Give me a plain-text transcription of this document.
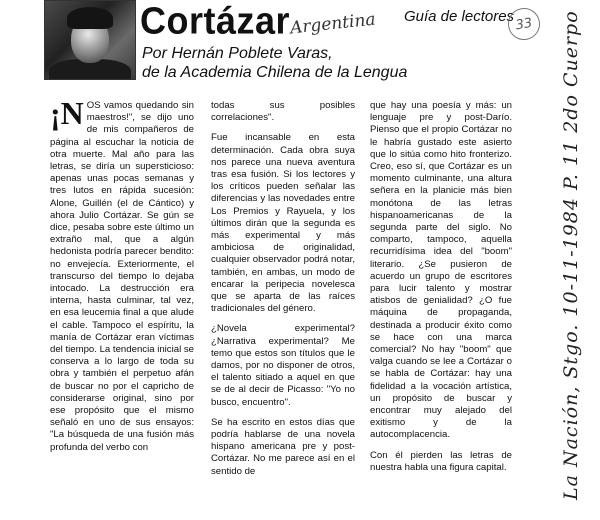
Cortázar Argentina Guía de lectores 33
Por Hernán Poblete Varas,
de la Academia Chilena de la Lengua

¡N OS vamos quedando sin maestros!", se dijo uno de mis compañeros de página al escuchar la noticia de otra muerte. Mal año para las letras, se diría un supersticioso: apenas unas pocas semanas y tres lutos en rápida sucesión: Alone, Guillén (el de Cántico) y ahora Julio Cortázar. Se gún se dice, pesaba sobre este último un extraño mal, que a algún hedonista podría parecer bendito: no envejecía. Exteriormente, el transcurso del tiempo lo dejaba intocado. La destrucción era interna, hasta culminar, tal vez, en esa leucemia final a que alude el cable. Tampoco el espíritu, la manía de Cortázar eran víctimas del tiempo. La tendencia inicial se conserva a lo largo de toda su obra y también el perpetuo afán de buscar no por el capricho de considerarse original, sino por ese propósito que el mismo señaló en uno de sus ensayos: "La búsqueda de una fusión más profunda del verbo con

todas sus posibles correlaciones".

Fue incansable en esta determinación. Cada obra suya nos parece una nueva aventura tras esa fusión. Si los lectores y los críticos pueden señalar las diferencias y las novedades entre Los Premios y Rayuela, y los últimos dirán que la segunda es más experimental y más ambiciosa de originalidad, cualquier observador podrá notar, también, en ambas, un modo de encarar la peripecia novelesca que se aparta de las raíces tradicionales del género.

¿Novela experimental? ¿Narrativa experimental? Me temo que estos son títulos que le damos, por no disponer de otros, el talento sitiado a aquel en que se de al decir de Picasso: "Yo no busco, encuentro".

Se ha escrito en estos días que podría hablarse de una novela hispano americana pre y post-Cortázar. No me parece así en el sentido de

que hay una poesía y más: un lenguaje pre y post-Darío. Pienso que el propio Cortázar no le habría gustado este asierto que lo sitúa como hito fronterizo. Creo, eso sí, que Cortázar es un momento culminante, una altura señera en la planicie más bien monótona de las letras hispanoamericanas de la segunda parte del siglo. No comparto, tampoco, aquella recurridísima idea del "boom" literario. ¿Se pusieron de acuerdo un grupo de escritores para lucir talento y mostrar atisbos de genialidad? ¿O fue máquina de propaganda, destinada a producir éxito como se hace con una marca comercial? No hay "boom" que valga cuando se lee a Cortázar o se habla de Cortázar: hay una fidelidad a la vocación artística, un propósito de buscar y encontrar muy alejado del exitismo y de la autocomplacencia.

Con él pierden las letras de nuestra habla una figura capital.	La Nación, Stgo. 10-11-1984 P. 11 2do Cuerpo
